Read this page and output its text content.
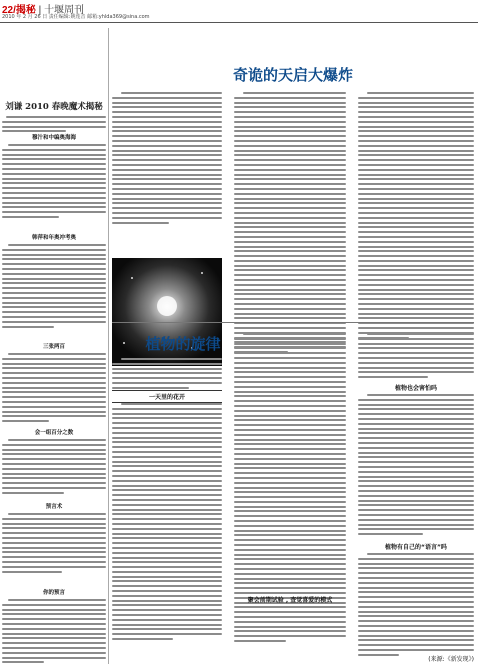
22/揭秘 | 十堰周刊
2010 年 2 月 26 日 责任编辑:姚莲音 邮箱:yhlda369@sina.com
刘谦 2010 春晚魔术揭秘
穆汁和中编奥海海
韩萍和年奥冲考奥
三张两百
会一组百分之数
预言术
你的预言
奇诡的天启大爆炸
植物的旋律
一天里的花开
植物也会害怕吗
植物有自己的“语言”吗
(来源:《新发现》)
聚会前期试验 , 查觉喜爱的模式
